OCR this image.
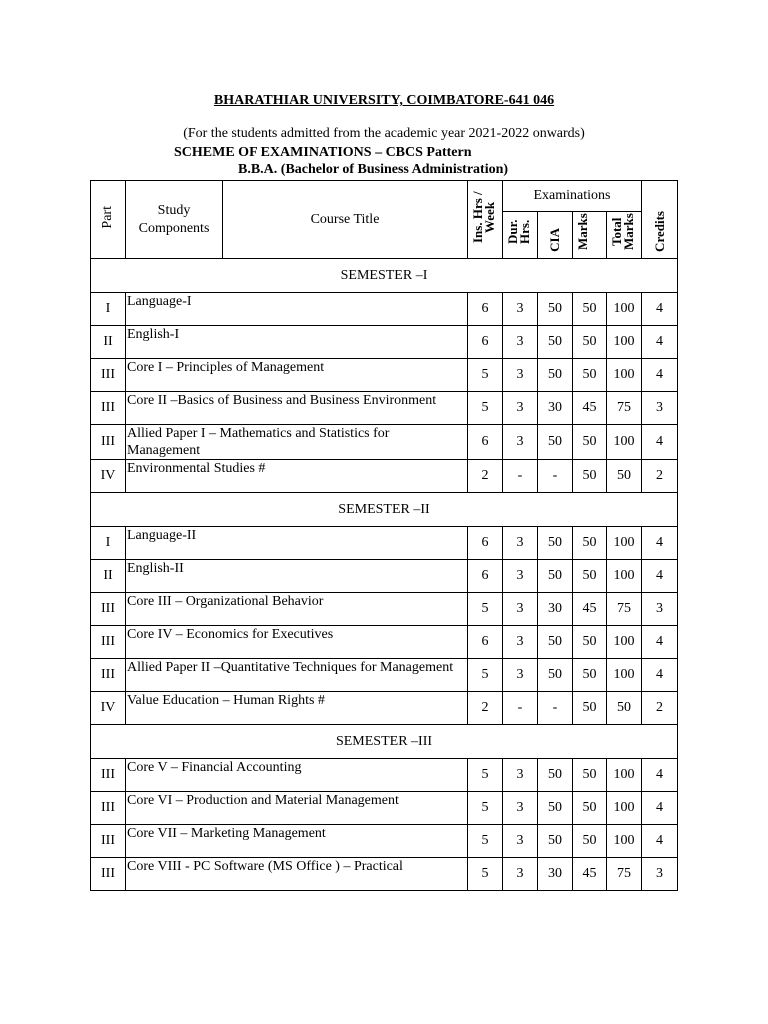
BHARATHIAR UNIVERSITY, COIMBATORE-641 046
(For the students admitted from the academic year 2021-2022 onwards)
SCHEME OF EXAMINATIONS – CBCS Pattern
B.B.A. (Bachelor of Business Administration)
Part	Study Components	Course Title	Ins. Hrs / Week	Examinations				Credits
				Dur. Hrs.	CIA	Marks	Total Marks	
SEMESTER –I								
I	Language-I		6	3	50	50	100	4
II	English-I		6	3	50	50	100	4
III	Core I – Principles of Management		5	3	50	50	100	4
III	Core II –Basics of Business and Business Environment		5	3	30	45	75	3
III	Allied Paper I – Mathematics and Statistics for Management		6	3	50	50	100	4
IV	Environmental Studies #		2	-	-	50	50	2
SEMESTER –II								
I	Language-II		6	3	50	50	100	4
II	English-II		6	3	50	50	100	4
III	Core III – Organizational Behavior		5	3	30	45	75	3
III	Core IV – Economics for Executives		6	3	50	50	100	4
III	Allied Paper II –Quantitative Techniques for Management		5	3	50	50	100	4
IV	Value Education – Human Rights #		2	-	-	50	50	2
SEMESTER –III								
III	Core V – Financial Accounting		5	3	50	50	100	4
III	Core VI – Production and Material Management		5	3	50	50	100	4
III	Core VII – Marketing Management		5	3	50	50	100	4
III	Core VIII - PC Software (MS Office ) – Practical		5	3	30	45	75	3
